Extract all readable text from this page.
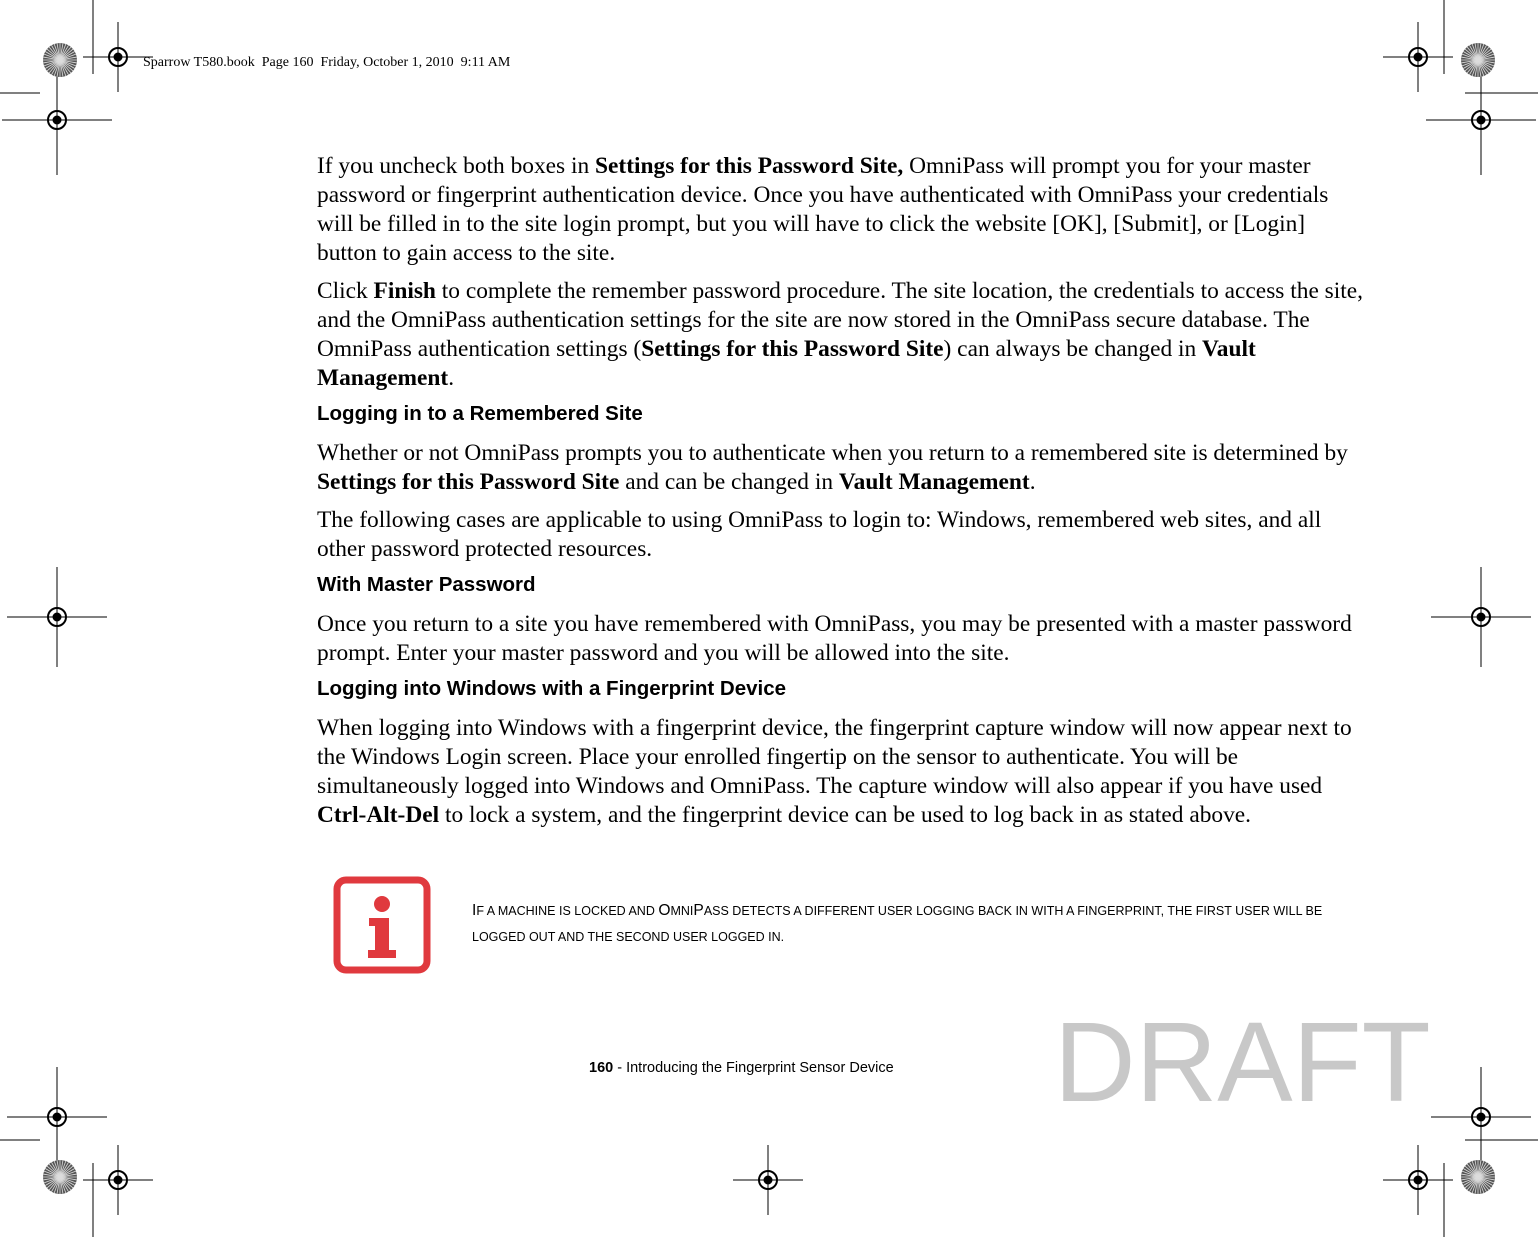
Sparrow T580.book  Page 160  Friday, October 1, 2010  9:11 AM

If you uncheck both boxes in Settings for this Password Site, OmniPass will prompt you for your master password or fingerprint authentication device. Once you have authenticated with OmniPass your credentials will be filled in to the site login prompt, but you will have to click the website [OK], [Submit], or [Login] button to gain access to the site.

Click Finish to complete the remember password procedure. The site location, the credentials to access the site, and the OmniPass authentication settings for the site are now stored in the OmniPass secure database. The OmniPass authentication settings (Settings for this Password Site) can always be changed in Vault Management.

Logging in to a Remembered Site

Whether or not OmniPass prompts you to authenticate when you return to a remembered site is determined by Settings for this Password Site and can be changed in Vault Management.

The following cases are applicable to using OmniPass to login to: Windows, remembered web sites, and all other password protected resources.

With Master Password

Once you return to a site you have remembered with OmniPass, you may be presented with a master password prompt. Enter your master password and you will be allowed into the site.

Logging into Windows with a Fingerprint Device

When logging into Windows with a fingerprint device, the fingerprint capture window will now appear next to the Windows Login screen. Place your enrolled fingertip on the sensor to authenticate. You will be simultaneously logged into Windows and OmniPass. The capture window will also appear if you have used Ctrl-Alt-Del to lock a system, and the fingerprint device can be used to log back in as stated above.

IF A MACHINE IS LOCKED AND OMNIPASS DETECTS A DIFFERENT USER LOGGING BACK IN WITH A FINGERPRINT, THE FIRST USER WILL BE LOGGED OUT AND THE SECOND USER LOGGED IN.
160 - Introducing the Fingerprint Sensor Device DRAFT
